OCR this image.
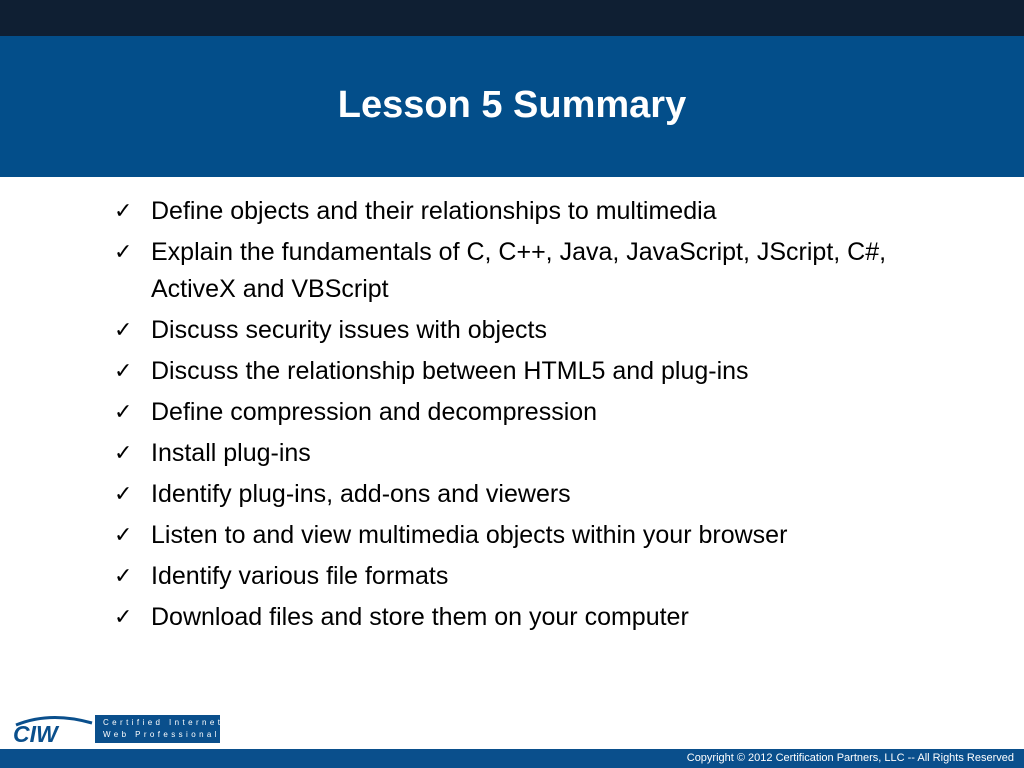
Lesson 5 Summary
✓ Define objects and their relationships to multimedia
✓ Explain the fundamentals of C, C++, Java, JavaScript, JScript, C#, ActiveX and VBScript
✓ Discuss security issues with objects
✓ Discuss the relationship between HTML5 and plug-ins
✓ Define compression and decompression
✓ Install plug-ins
✓ Identify plug-ins, add-ons and viewers
✓ Listen to and view multimedia objects within your browser
✓ Identify various file formats
✓ Download files and store them on your computer
CIW	Certified Internet
Web Professional
Copyright © 2012 Certification Partners, LLC -- All Rights Reserved
